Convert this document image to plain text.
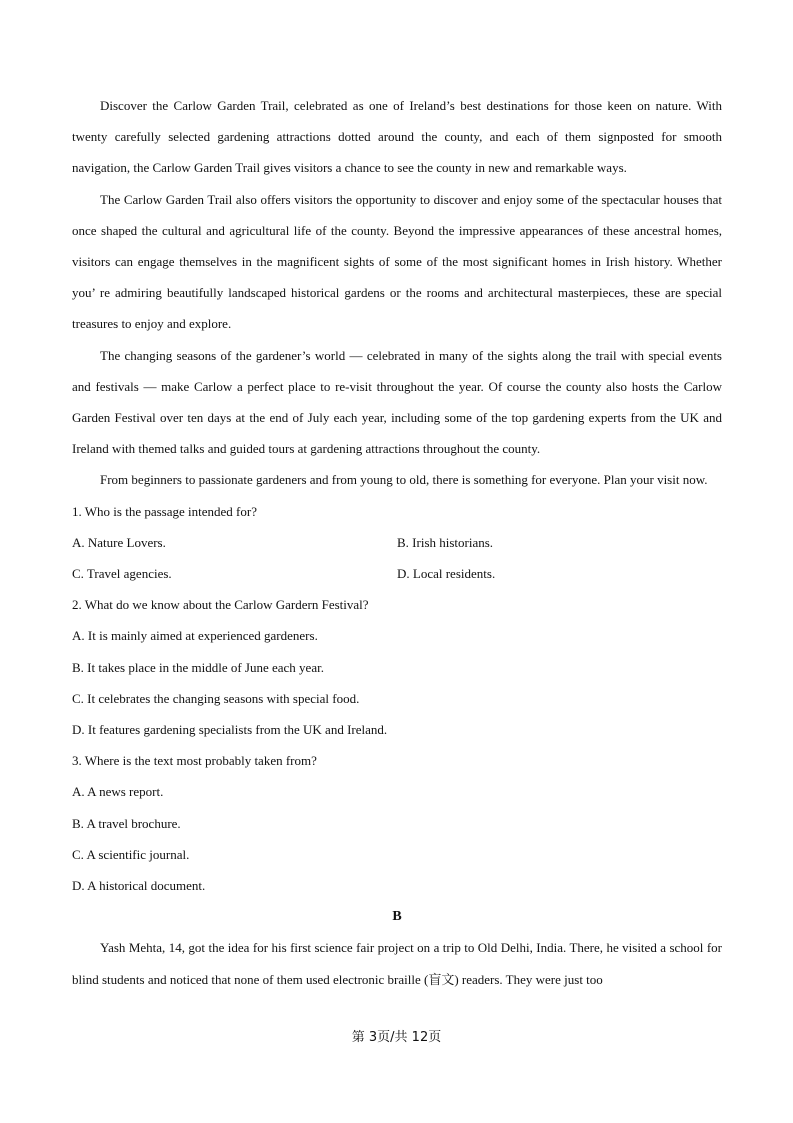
Discover the Carlow Garden Trail, celebrated as one of Ireland’s best destinations for those keen on nature. With twenty carefully selected gardening attractions dotted around the county, and each of them signposted for smooth navigation, the Carlow Garden Trail gives visitors a chance to see the county in new and remarkable ways.

The Carlow Garden Trail also offers visitors the opportunity to discover and enjoy some of the spectacular houses that once shaped the cultural and agricultural life of the county. Beyond the impressive appearances of these ancestral homes, visitors can engage themselves in the magnificent sights of some of the most significant homes in Irish history. Whether you’ re admiring beautifully landscaped historical gardens or the rooms and architectural masterpieces, these are special treasures to enjoy and explore.

The changing seasons of the gardener’s world — celebrated in many of the sights along the trail with special events and festivals — make Carlow a perfect place to re-visit throughout the year. Of course the county also hosts the Carlow Garden Festival over ten days at the end of July each year, including some of the top gardening experts from the UK and Ireland with themed talks and guided tours at gardening attractions throughout the county.

From beginners to passionate gardeners and from young to old, there is something for everyone. Plan your visit now.

1. Who is the passage intended for?

A. Nature Lovers.	B. Irish historians.

C. Travel agencies.	D. Local residents.

2. What do we know about the Carlow Gardern Festival?

A. It is mainly aimed at experienced gardeners.

B. It takes place in the middle of June each year.

C. It celebrates the changing seasons with special food.

D. It features gardening specialists from the UK and Ireland.

3. Where is the text most probably taken from?

A. A news report.

B. A travel brochure.

C. A scientific journal.

D. A historical document.

B

Yash Mehta, 14, got the idea for his first science fair project on a trip to Old Delhi, India. There, he visited a school for blind students and noticed that none of them used electronic braille (盲文) readers. They were just too

第 3页/共 12页
